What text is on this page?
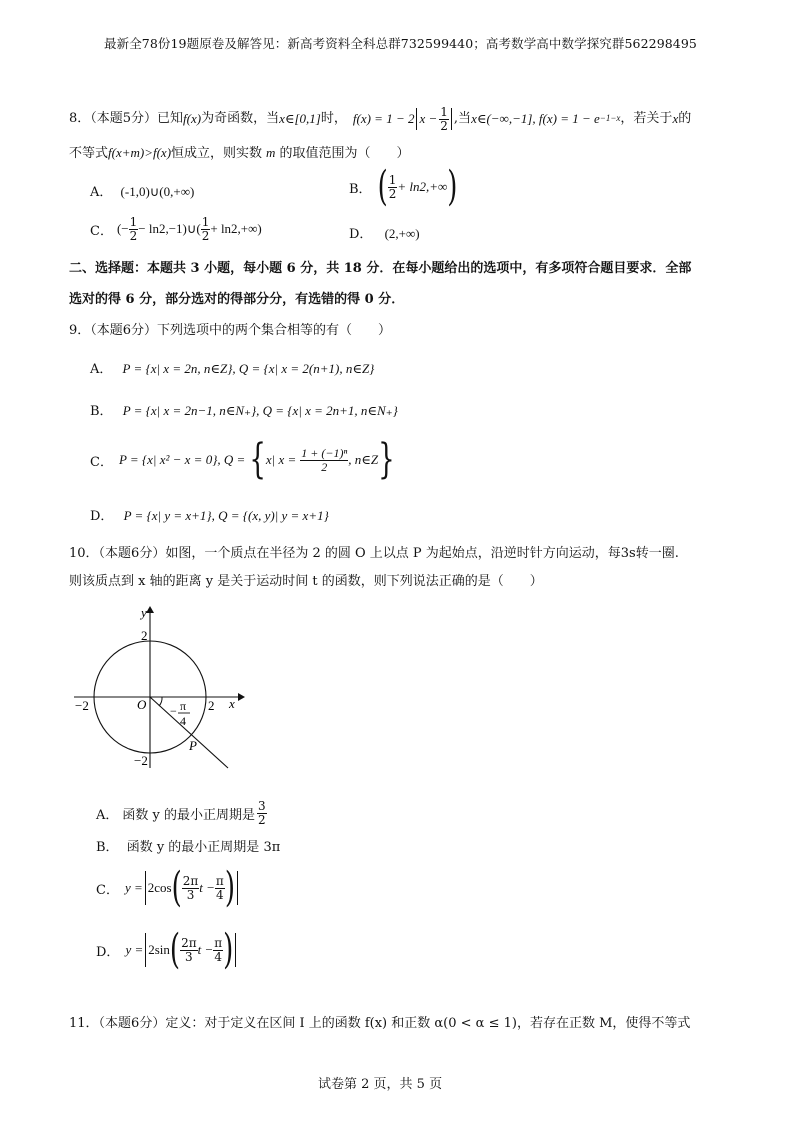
最新全78份19题原卷及解答见：新高考资料全科总群732599440；高考数学高中数学探究群562298495
8．（本题5分）已知 f(x) 为奇函数，当 x∈[0,1] 时， f(x) = 1 − 2 $x - \frac{1}{2}$ ,当 x∈(−∞,−1] , f(x) = 1 − e −1−x ，若关于 x 的
不等式f(x+m)>f(x)恒成立，则实数 m 的取值范围为（　　）
A． (-1,0)∪(0,+∞)	B． ( $\frac{1}{2} + \ln 2,+\infty$ )
C． (− $\frac{1}{2}$ − ln2,−1)∪( $\frac{1}{2} + \ln 2,+\infty$)	D． (2,+∞)
二、选择题：本题共 3 小题，每小题 6 分，共 18 分．在每小题给出的选项中，有多项符合题目要求．全部
选对的得 6 分，部分选对的得部分分，有选错的得 0 分．
9．（本题6分）下列选项中的两个集合相等的有（　　）
A． P = {x| x = 2n, n∈Z}, Q = {x| x = 2(n+1), n∈Z}
B． P = {x| x = 2n−1, n∈N₊}, Q = {x| x = 2n+1, n∈N₊}
C． P = {x| x² − x = 0}, Q = { x| $x = \frac{\text{1 + (−1)ⁿ}}{2}$ , n∈Z }
D． P = {x| y = x+1}, Q = {(x, y)| y = x+1}
10．（本题6分）如图，一个质点在半径为 2 的圆 O 上以点 P 为起始点，沿逆时针方向运动，每3s转一圈.
则该质点到 x 轴的距离 y 是关于运动时间 t 的函数，则下列说法正确的是（　　）
y
x
O
P
2
−2
2
−2	− π
4
A． 函数 y 的最小正周期是 $\frac{3}{2}$
B． 函数 y 的最小正周期是 3π
C． y = 2cos ( $\frac{2\pi}{3}$ $t - \frac{\pi}{4}$ )
D． y = 2sin ( $\frac{2\pi}{3}$ $t - \frac{\pi}{4}$ )
11．（本题6分）定义：对于定义在区间 I 上的函数 f(x) 和正数 α(0 < α ≤ 1)，若存在正数 M，使得不等式
试卷第 2 页，共 5 页
